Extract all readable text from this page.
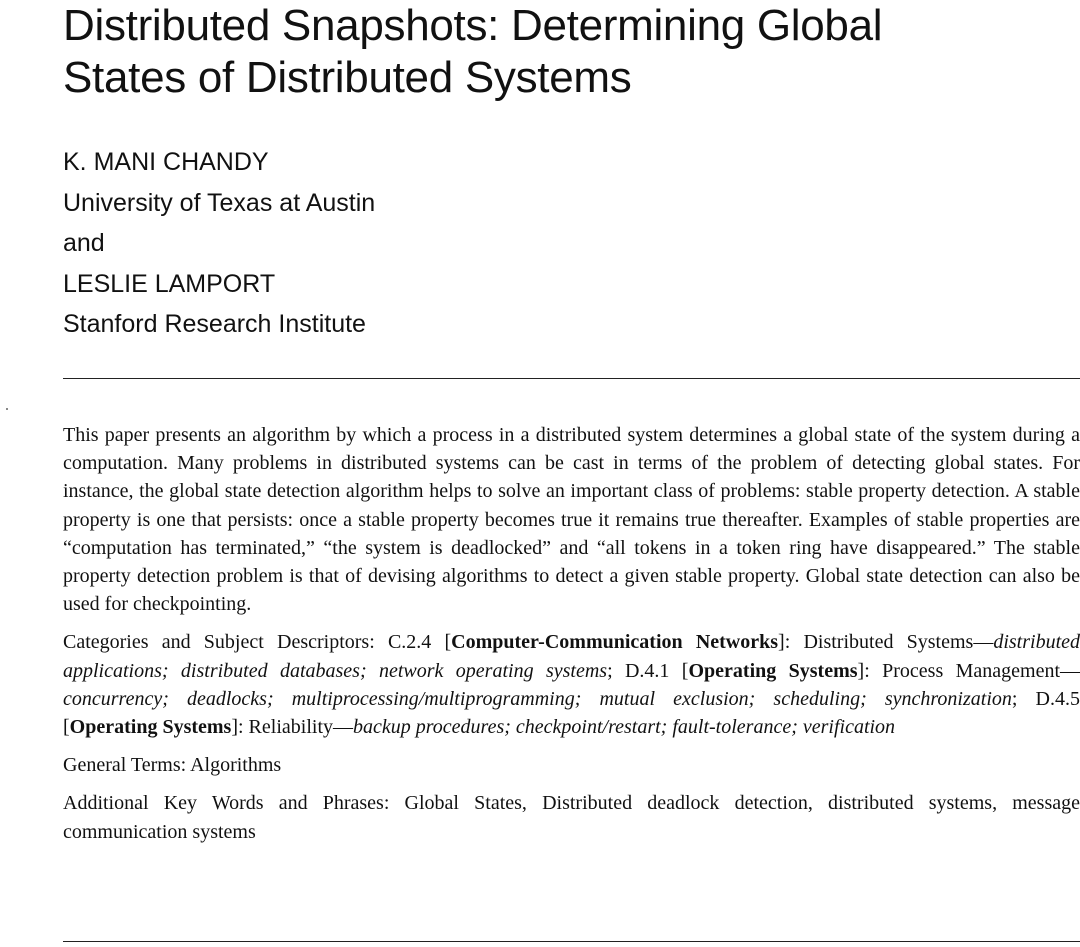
Distributed Snapshots: Determining Global
States of Distributed Systems
K. MANI CHANDY
University of Texas at Austin
and
LESLIE LAMPORT
Stanford Research Institute

This paper presents an algorithm by which a process in a distributed system determines a global state of the system during a computation. Many problems in distributed systems can be cast in terms of the problem of detecting global states. For instance, the global state detection algorithm helps to solve an important class of problems: stable property detection. A stable property is one that persists: once a stable property becomes true it remains true thereafter. Examples of stable properties are “computation has terminated,” “the system is deadlocked” and “all tokens in a token ring have disappeared.” The stable property detection problem is that of devising algorithms to detect a given stable property. Global state detection can also be used for checkpointing.

Categories and Subject Descriptors: C.2.4 [Computer-Communication Networks]: Distributed Systems—distributed applications; distributed databases; network operating systems; D.4.1 [Operating Systems]: Process Management—concurrency; deadlocks; multiprocessing/multiprogramming; mutual exclusion; scheduling; synchronization; D.4.5 [Operating Systems]: Reliability—backup procedures; checkpoint/restart; fault-tolerance; verification

General Terms: Algorithms

Additional Key Words and Phrases: Global States, Distributed deadlock detection, distributed systems, message communication systems
